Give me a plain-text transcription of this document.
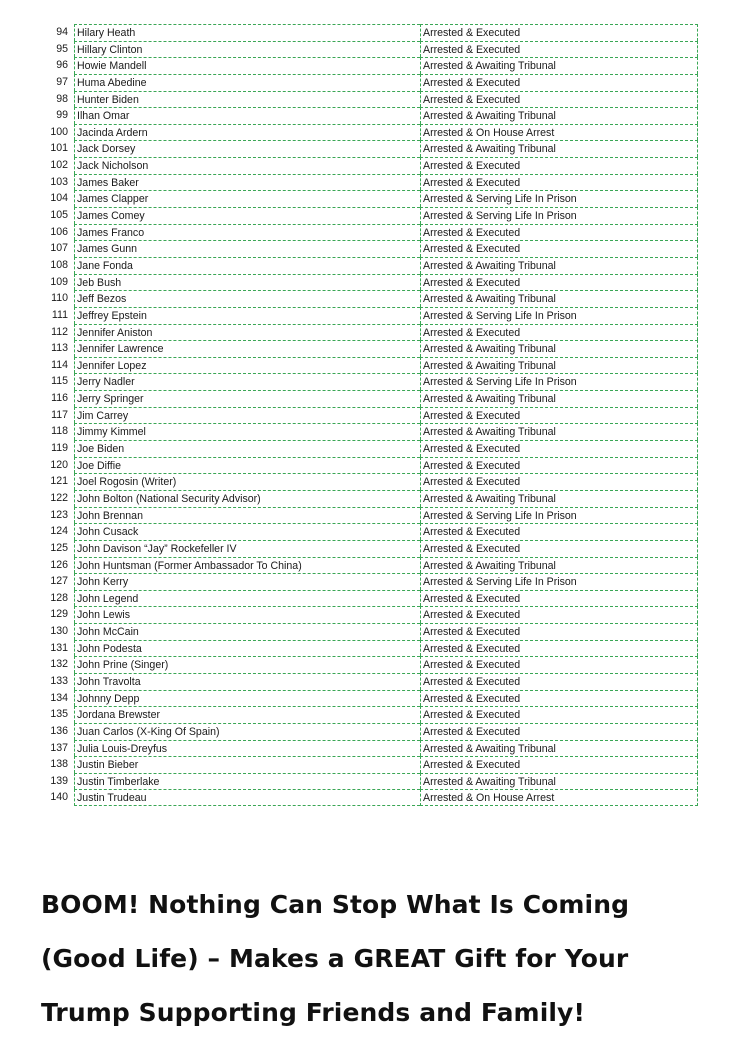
94 Hilary Heath	Arrested & Executed
95 Hillary Clinton	Arrested & Executed
96 Howie Mandell	Arrested & Awaiting Tribunal
97 Huma Abedine	Arrested & Executed
98 Hunter Biden	Arrested & Executed
99 Ilhan Omar	Arrested & Awaiting Tribunal
100 Jacinda Ardern	Arrested & On House Arrest
101 Jack Dorsey	Arrested & Awaiting Tribunal
102 Jack Nicholson	Arrested & Executed
103 James Baker	Arrested & Executed
104 James Clapper	Arrested & Serving Life In Prison
105 James Comey	Arrested & Serving Life In Prison
106 James Franco	Arrested & Executed
107 James Gunn	Arrested & Executed
108 Jane Fonda	Arrested & Awaiting Tribunal
109 Jeb Bush	Arrested & Executed
110 Jeff Bezos	Arrested & Awaiting Tribunal
111 Jeffrey Epstein	Arrested & Serving Life In Prison
112 Jennifer Aniston	Arrested & Executed
113 Jennifer Lawrence	Arrested & Awaiting Tribunal
114 Jennifer Lopez	Arrested & Awaiting Tribunal
115 Jerry Nadler	Arrested & Serving Life In Prison
116 Jerry Springer	Arrested & Awaiting Tribunal
117 Jim Carrey	Arrested & Executed
118 Jimmy Kimmel	Arrested & Awaiting Tribunal
119 Joe Biden	Arrested & Executed
120 Joe Diffie	Arrested & Executed
121 Joel Rogosin (Writer)	Arrested & Executed
122 John Bolton (National Security Advisor)	Arrested & Awaiting Tribunal
123 John Brennan	Arrested & Serving Life In Prison
124 John Cusack	Arrested & Executed
125 John Davison “Jay” Rockefeller IV	Arrested & Executed
126 John Huntsman (Former Ambassador To China)	Arrested & Awaiting Tribunal
127 John Kerry	Arrested & Serving Life In Prison
128 John Legend	Arrested & Executed
129 John Lewis	Arrested & Executed
130 John McCain	Arrested & Executed
131 John Podesta	Arrested & Executed
132 John Prine (Singer)	Arrested & Executed
133 John Travolta	Arrested & Executed
134 Johnny Depp	Arrested & Executed
135 Jordana Brewster	Arrested & Executed
136 Juan Carlos (X-King Of Spain)	Arrested & Executed
137 Julia Louis-Dreyfus	Arrested & Awaiting Tribunal
138 Justin Bieber	Arrested & Executed
139 Justin Timberlake	Arrested & Awaiting Tribunal
140 Justin Trudeau	Arrested & On House Arrest
BOOM! Nothing Can Stop What Is Coming
(Good Life) – Makes a GREAT Gift for Your
Trump Supporting Friends and Family!
